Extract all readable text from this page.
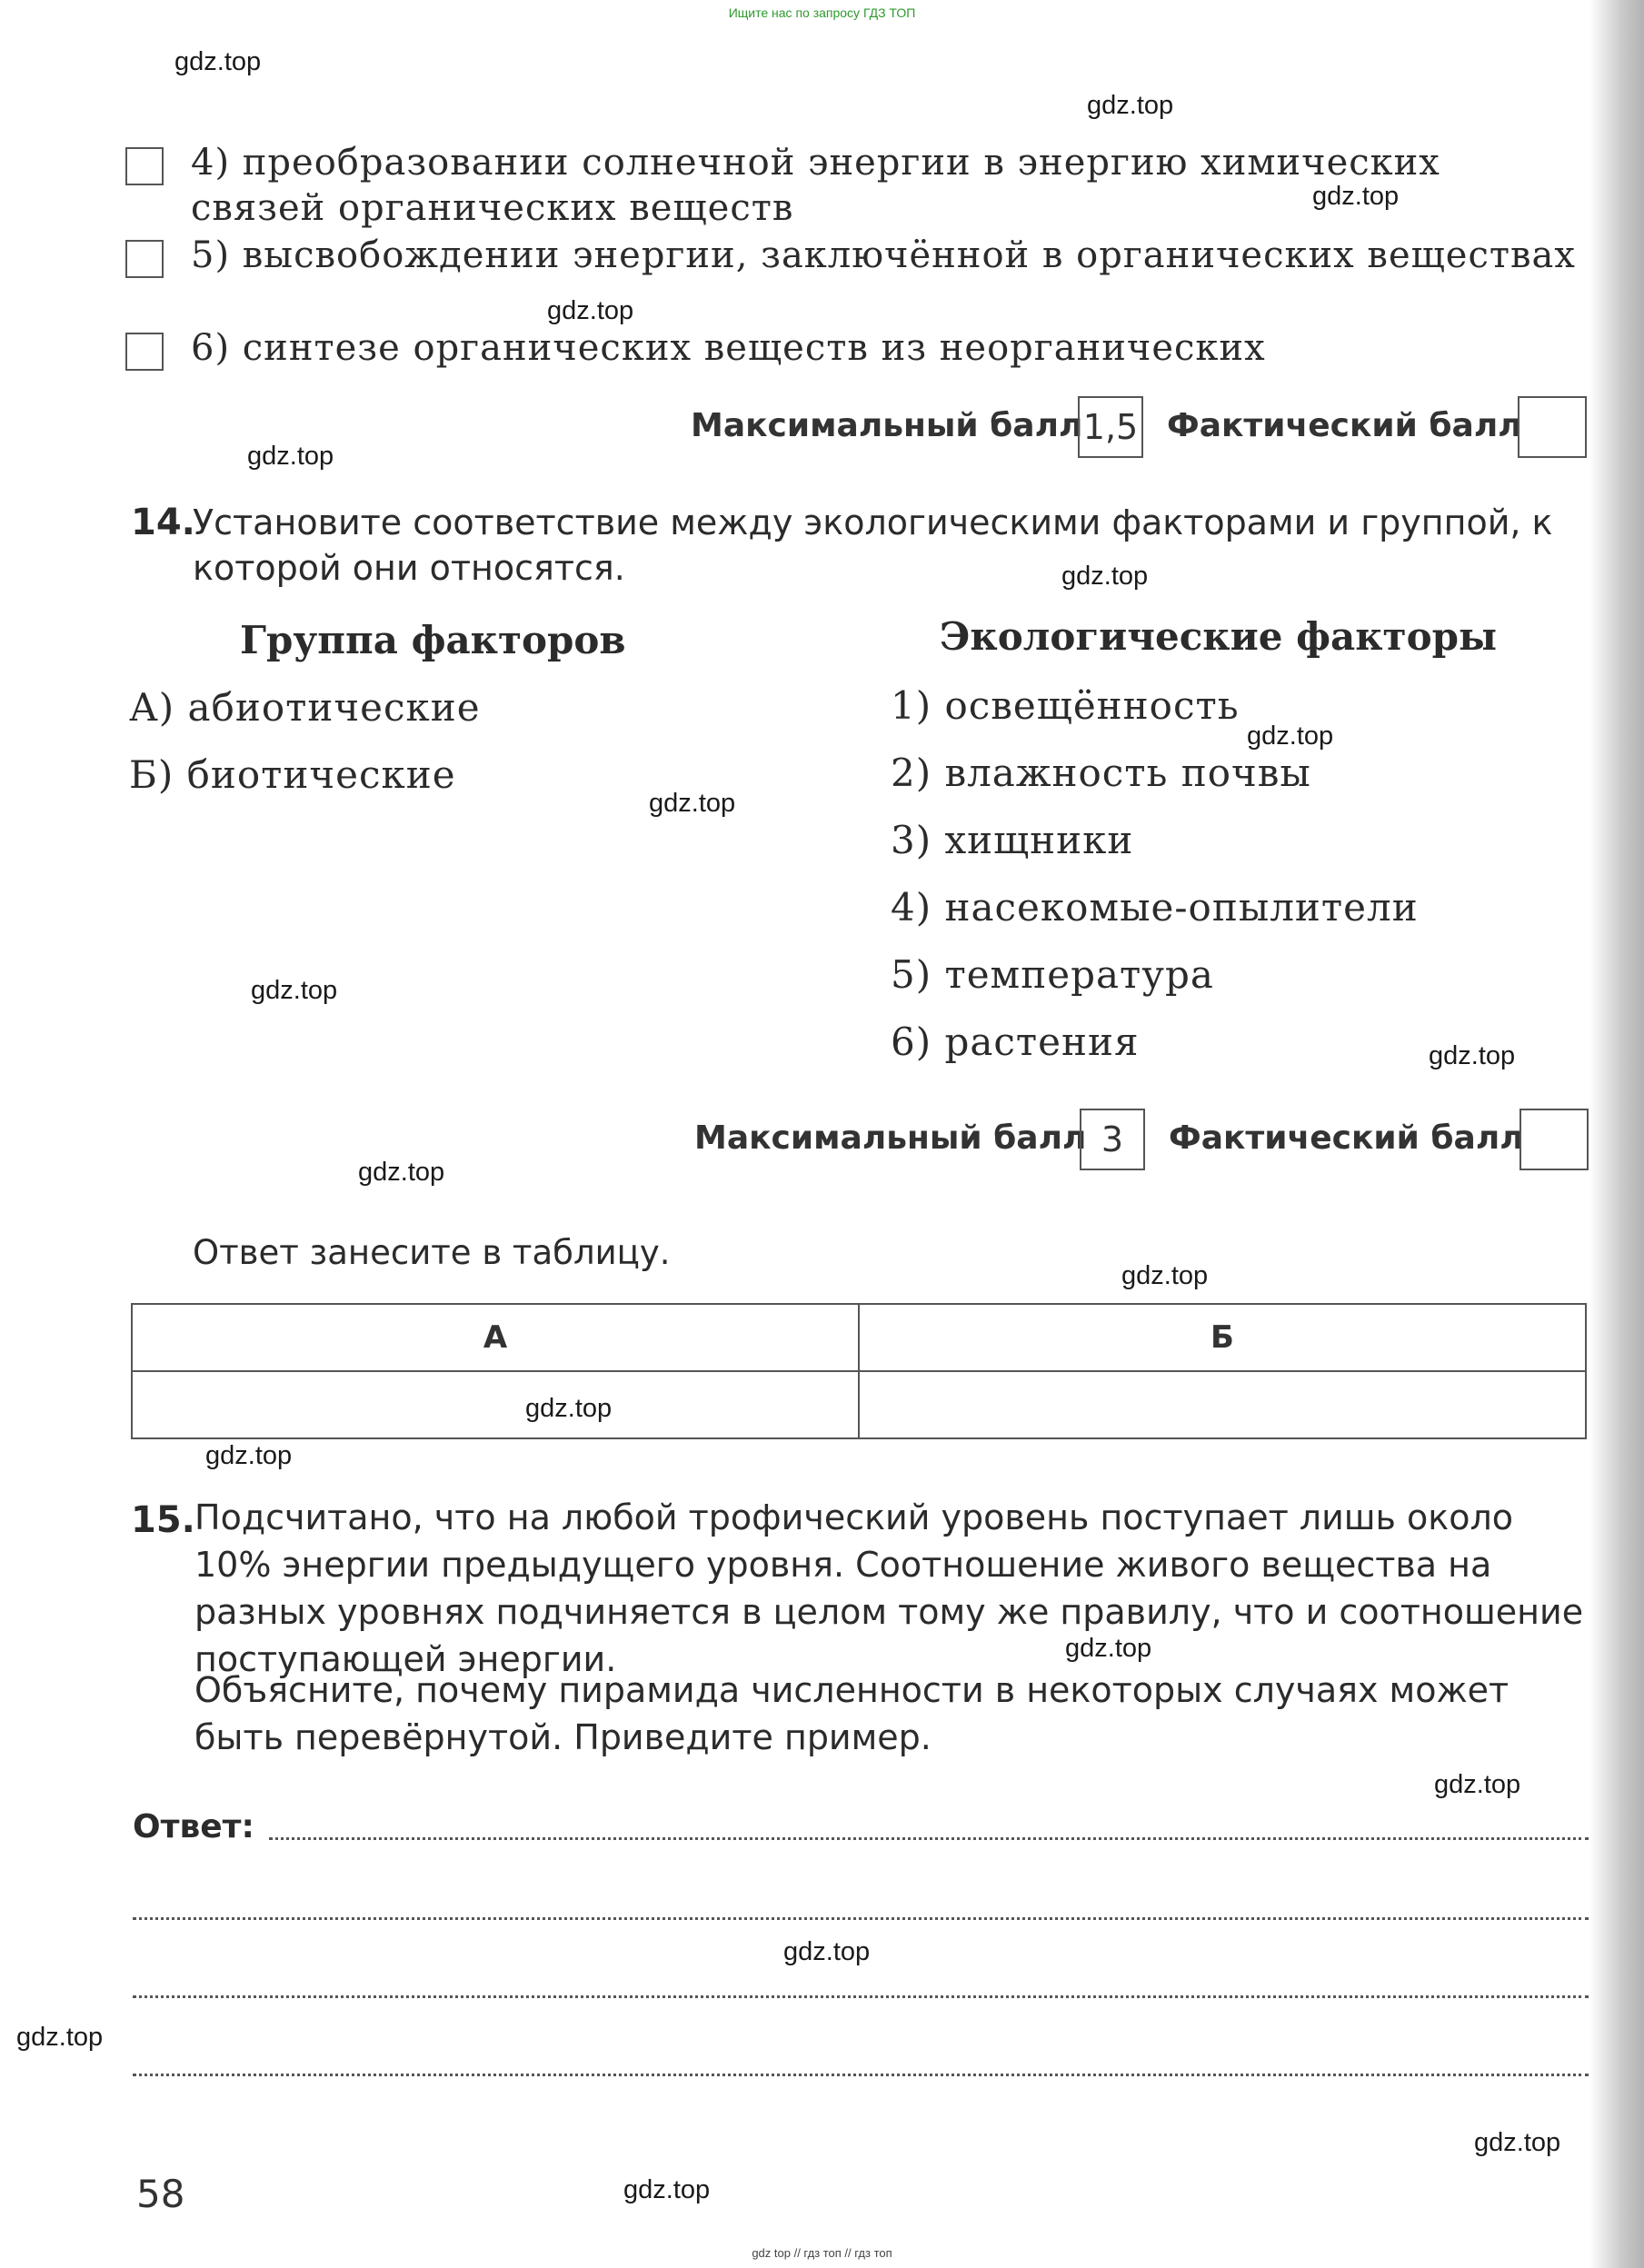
Ищите нас по запросу ГДЗ ТОП
gdz.top
gdz.top
gdz.top
gdz.top
gdz.top
gdz.top
gdz.top
gdz.top
gdz.top
gdz.top
gdz.top
gdz.top
gdz.top
gdz.top
gdz.top
gdz.top
gdz.top
gdz.top
gdz.top
gdz.top
4) преобразовании солнечной энергии в энергию химических связей органических веществ
5) высвобождении энергии, заключённой в органических веществах
6) синтезе органических веществ из неорганических
Максимальный балл 1,5 Фактический балл
14.
Установите соответствие между экологическими факторами и группой, к которой они относятся.
Группа факторов	Экологические факторы
А) абиотические
Б) биотические
1) освещённость
2) влажность почвы
3) хищники
4) насекомые-опылители
5) температура
6) растения
Максимальный балл 3	Фактический балл
Ответ занесите в таблицу.
А	Б

15. Подсчитано, что на любой трофический уровень поступает лишь около 10% энергии предыдущего уровня. Соотношение живого вещества на разных уровнях подчиняется в целом тому же правилу, что и соотношение поступающей энергии.
Объясните, почему пирамида численности в некоторых случаях может быть перевёрнутой. Приведите пример.
Ответ:
58
gdz top // гдз топ // гдз топ
